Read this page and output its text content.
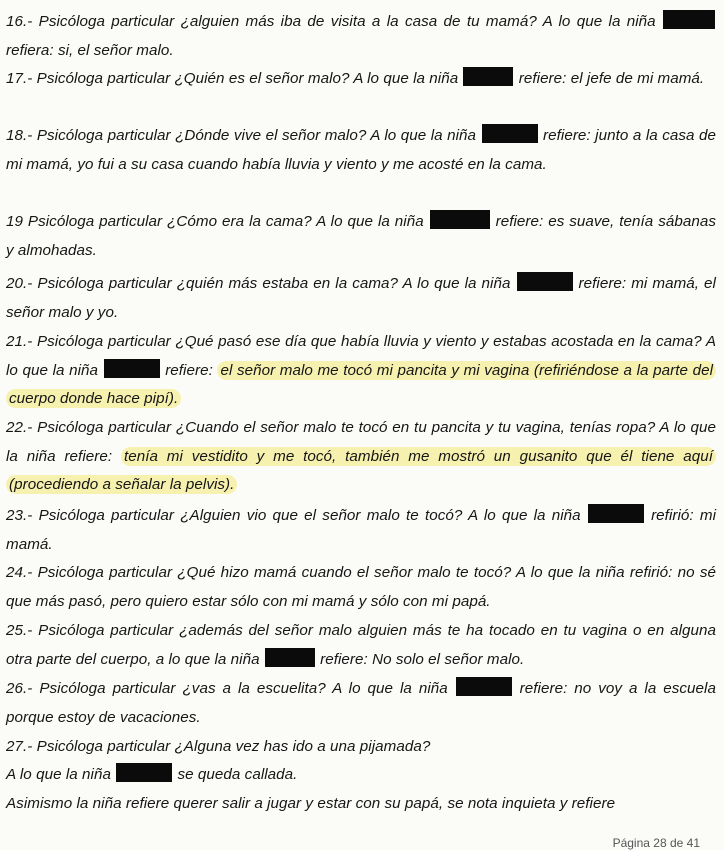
16.- Psicóloga particular ¿alguien más iba de visita a la casa de tu mamá? A lo que la niña  refiera: si, el señor malo.
17.- Psicóloga particular ¿Quién es el señor malo? A lo que la niña	refiere: el jefe de mi mamá.
18.- Psicóloga particular ¿Dónde vive el señor malo? A lo que la niña	refiere: junto a la casa de mi mamá, yo fui a su casa cuando había lluvia y viento y me acosté en la cama.
19 Psicóloga particular ¿Cómo era la cama? A lo que la niña	refiere: es suave, tenía sábanas y almohadas.
20.- Psicóloga particular ¿quién más estaba en la cama? A lo que la niña	refiere: mi mamá, el señor malo y yo.
21.- Psicóloga particular ¿Qué pasó ese día que había lluvia y viento y estabas acostada en la cama? A lo que la niña	refiere: el señor malo me tocó mi pancita y mi vagina (refiriéndose a la parte del cuerpo donde hace pipí).
22.- Psicóloga particular ¿Cuando el señor malo te tocó en tu pancita y tu vagina, tenías ropa? A lo que la niña refiere: tenía mi vestidito y me tocó, también me mostró un gusanito que él tiene aquí (procediendo a señalar la pelvis).
23.- Psicóloga particular ¿Alguien vio que el señor malo te tocó? A lo que la niña	refirió: mi mamá.
24.- Psicóloga particular ¿Qué hizo mamá cuando el señor malo te tocó? A lo que la niña refirió: no sé que más pasó, pero quiero estar sólo con mi mamá y sólo con mi papá.
25.- Psicóloga particular ¿además del señor malo alguien más te ha tocado en tu vagina o en alguna otra parte del cuerpo, a lo que la niña	refiere: No solo el señor malo.
26.- Psicóloga particular ¿vas a la escuelita? A lo que la niña	refiere: no voy a la escuela porque estoy de vacaciones.
27.- Psicóloga particular ¿Alguna vez has ido a una pijamada?
A lo que la niña	se queda callada.
Asimismo la niña refiere querer salir a jugar y estar con su papá, se nota inquieta y refiere
Página 28 de 41
